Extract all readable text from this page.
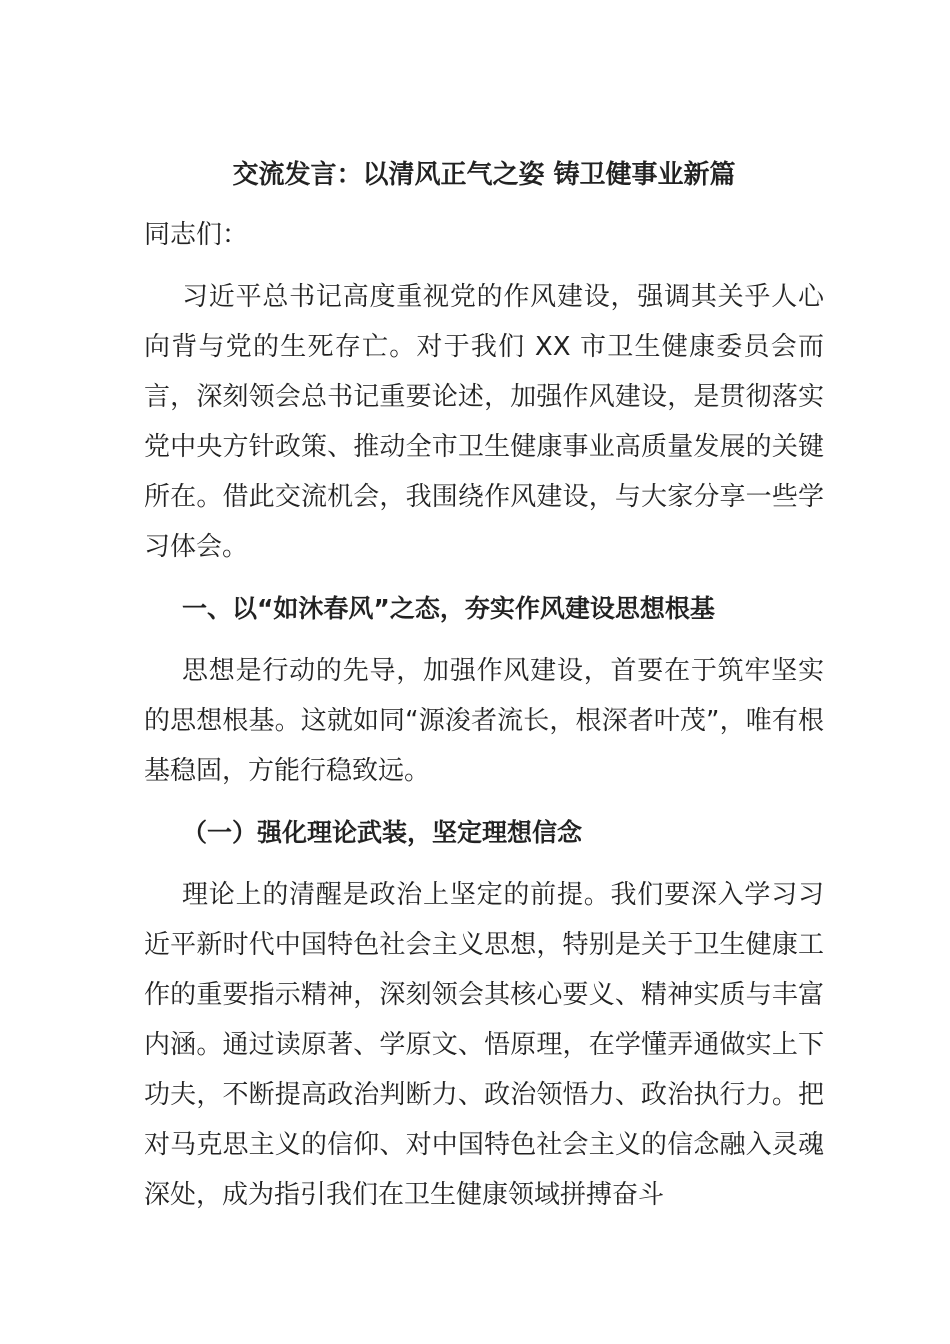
交流发言：以清风正气之姿 铸卫健事业新篇

同志们：

习近平总书记高度重视党的作风建设，强调其关乎人心向背与党的生死存亡。对于我们 XX 市卫生健康委员会而言，深刻领会总书记重要论述，加强作风建设，是贯彻落实党中央方针政策、推动全市卫生健康事业高质量发展的关键所在。借此交流机会，我围绕作风建设，与大家分享一些学习体会。

一、以“如沐春风”之态，夯实作风建设思想根基

思想是行动的先导，加强作风建设，首要在于筑牢坚实的思想根基。这就如同“源浚者流长，根深者叶茂”，唯有根基稳固，方能行稳致远。

（一）强化理论武装，坚定理想信念

理论上的清醒是政治上坚定的前提。我们要深入学习习近平新时代中国特色社会主义思想，特别是关于卫生健康工作的重要指示精神，深刻领会其核心要义、精神实质与丰富内涵。通过读原著、学原文、悟原理，在学懂弄通做实上下功夫，不断提高政治判断力、政治领悟力、政治执行力。把对马克思主义的信仰、对中国特色社会主义的信念融入灵魂深处，成为指引我们在卫生健康领域拼搏奋斗
